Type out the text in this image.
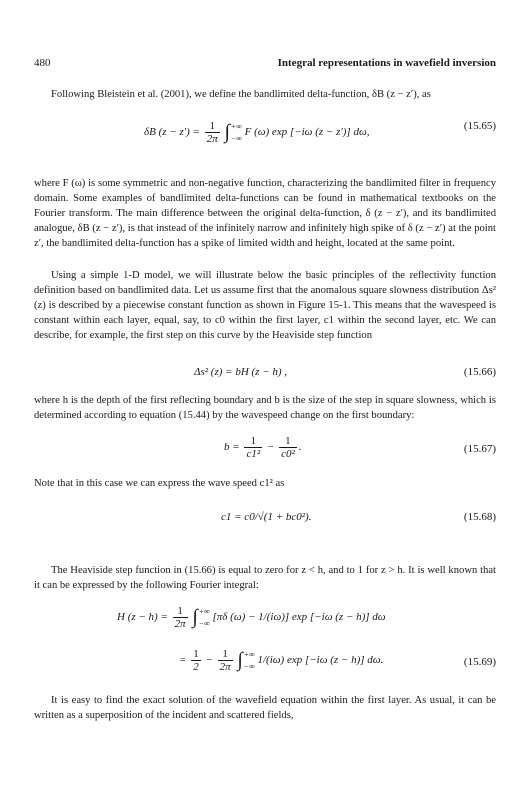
480	Integral representations in wavefield inversion

Following Bleistein et al. (2001), we define the bandlimited delta-function, δB (z − z′), as

δB $(z - z') = \frac{1}{2\pi}$ ∫ +∞
−∞ F (ω) exp [−iω (z − z′)] dω,
(15.65)

where F (ω) is some symmetric and non-negative function, characterizing the bandlimited filter in frequency domain. Some examples of bandlimited delta-functions can be found in mathematical textbooks on the Fourier transform. The main difference between the original delta-function, δ (z − z′), and its bandlimited analogue, δB (z − z′), is that instead of the infinitely narrow and infinitely high spike of δ (z − z′) at the point z′, the bandlimited delta-function has a spike of limited width and height, located at the same point.

Using a simple 1-D model, we will illustrate below the basic principles of the reflectivity function definition based on bandlimited data. Let us assume first that the anomalous square slowness distribution Δs² (z) is described by a piecewise constant function as shown in Figure 15-1. This means that the wavespeed is constant within each layer, equal, say, to c0 within the first layer, c1 within the second layer, etc. We can describe, for example, the first step on this curve by the Heaviside step function

Δs² (z) = bH (z − h) ,	(15.66)

where h is the depth of the first reflecting boundary and b is the size of the step in square slowness, which is determined according to equation (15.44) by the wavespeed change on the first boundary:

$b = \frac{1}{\text{c1²}} - \frac{1}{\text{c0²}}$ .	(15.67)

Note that in this case we can express the wave speed c1² as

c1 = c0/√(1 + bc0²).	(15.68)

The Heaviside step function in (15.66) is equal to zero for z < h, and to 1 for z > h. It is well known that it can be expressed by the following Fourier integral:

H $(z - h) = \frac{1}{2\pi}$ ∫ +∞
−∞ [πδ (ω) − 1/(iω)] exp [−iω (z − h)] dω
= $\frac{1}{2} - \frac{1}{2\pi}$ ∫ +∞
−∞ 1/(iω) exp [−iω (z − h)] dω.	(15.69)

It is easy to find the exact solution of the wavefield equation within the first layer. As usual, it can be written as a superposition of the incident and scattered fields,
